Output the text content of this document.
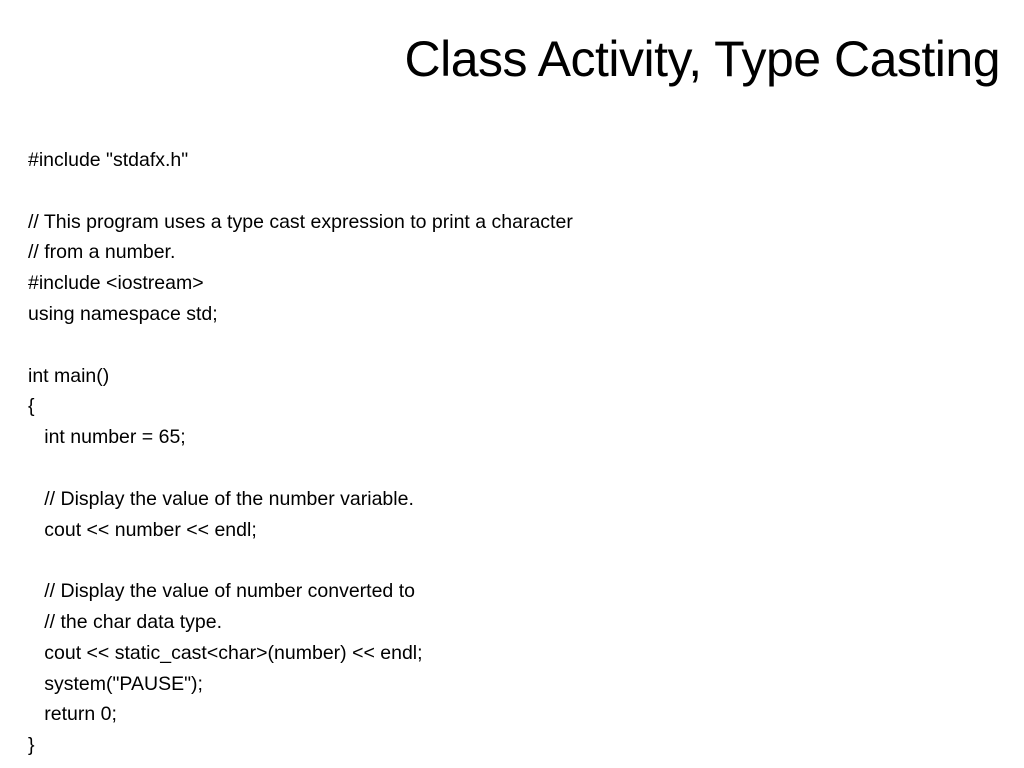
Class Activity, Type Casting
#include "stdafx.h"
// This program uses a type cast expression to print a character
// from a number.
#include <iostream>
using namespace std;
int main()
{
int number = 65;
// Display the value of the number variable.
cout << number << endl;
// Display the value of number converted to
// the char data type.
cout << static_cast<char>(number) << endl;
system("PAUSE");
return 0;
}
